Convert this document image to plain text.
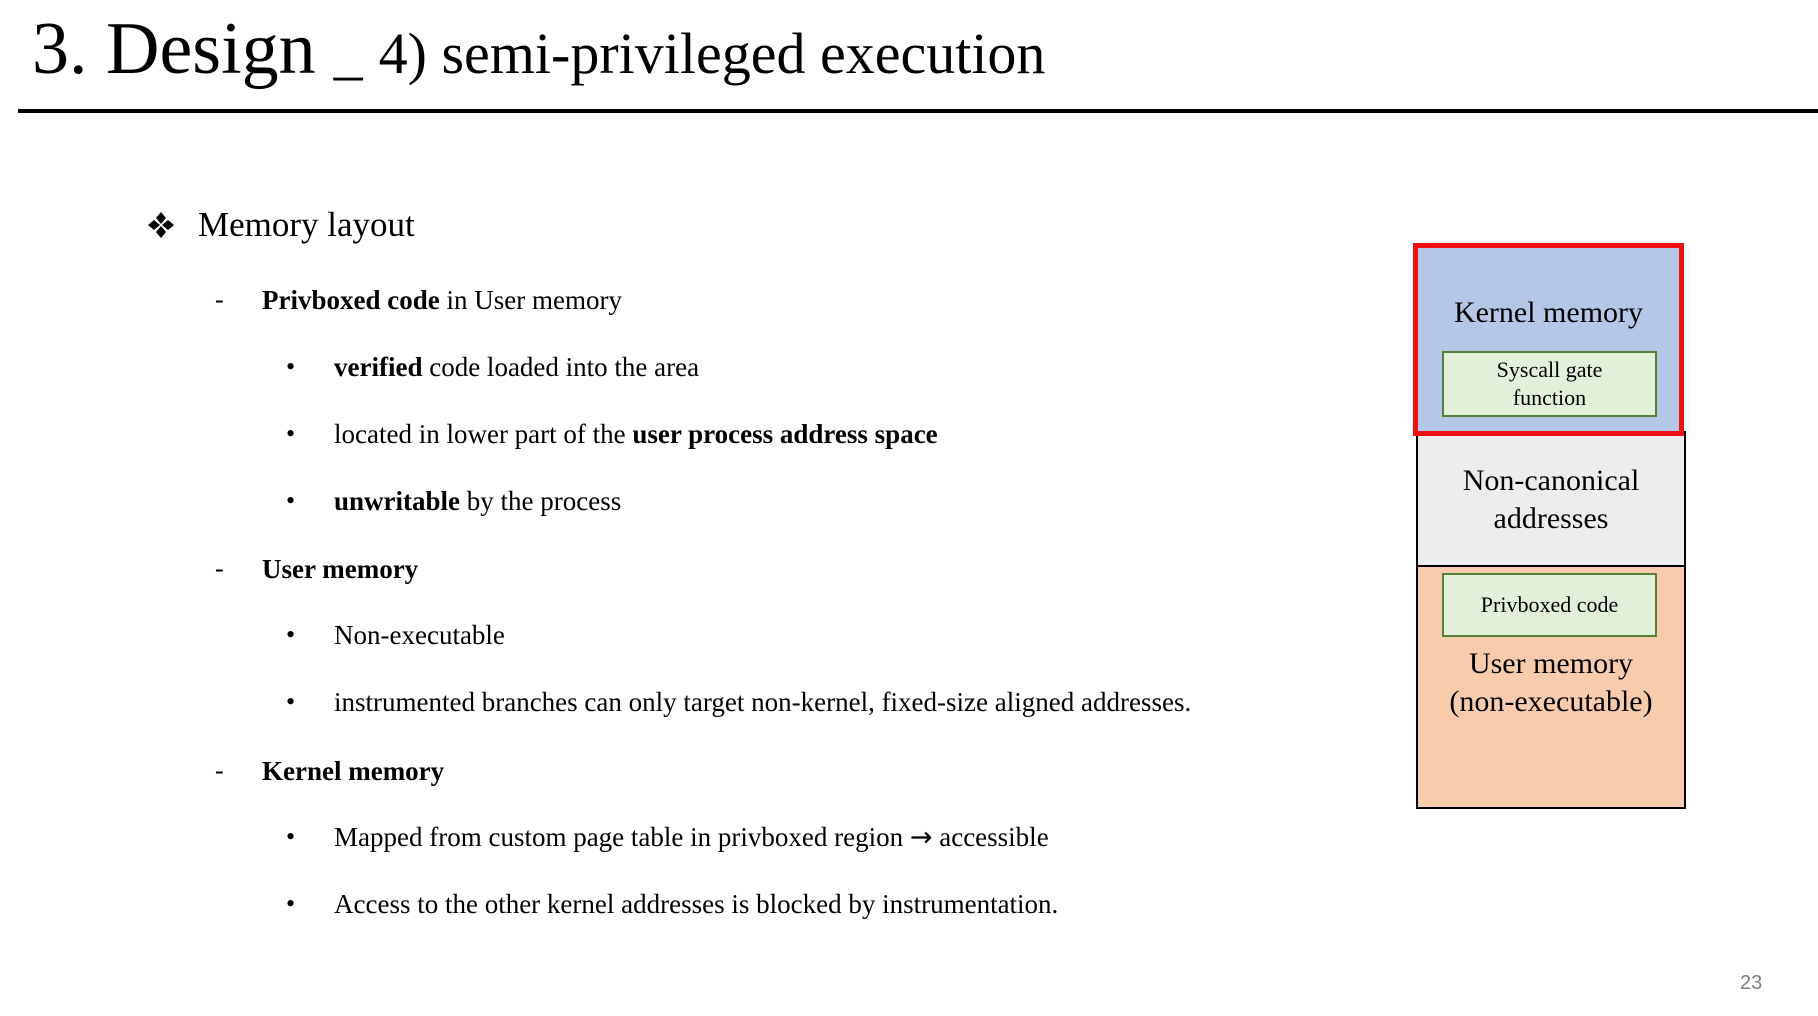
3. Design _ 4) semi-privileged execution
Memory layout
- Privboxed code in User memory
• verified code loaded into the area
• located in lower part of the user process address space
• unwritable by the process
- User memory
• Non-executable
• instrumented branches can only target non-kernel, fixed-size aligned addresses.
- Kernel memory
• Mapped from custom page table in privboxed region → accessible
• Access to the other kernel addresses is blocked by instrumentation.
Non-canonical
addresses
User memory
(non-executable)
Privboxed code
Kernel memory
Syscall gate
function
23
